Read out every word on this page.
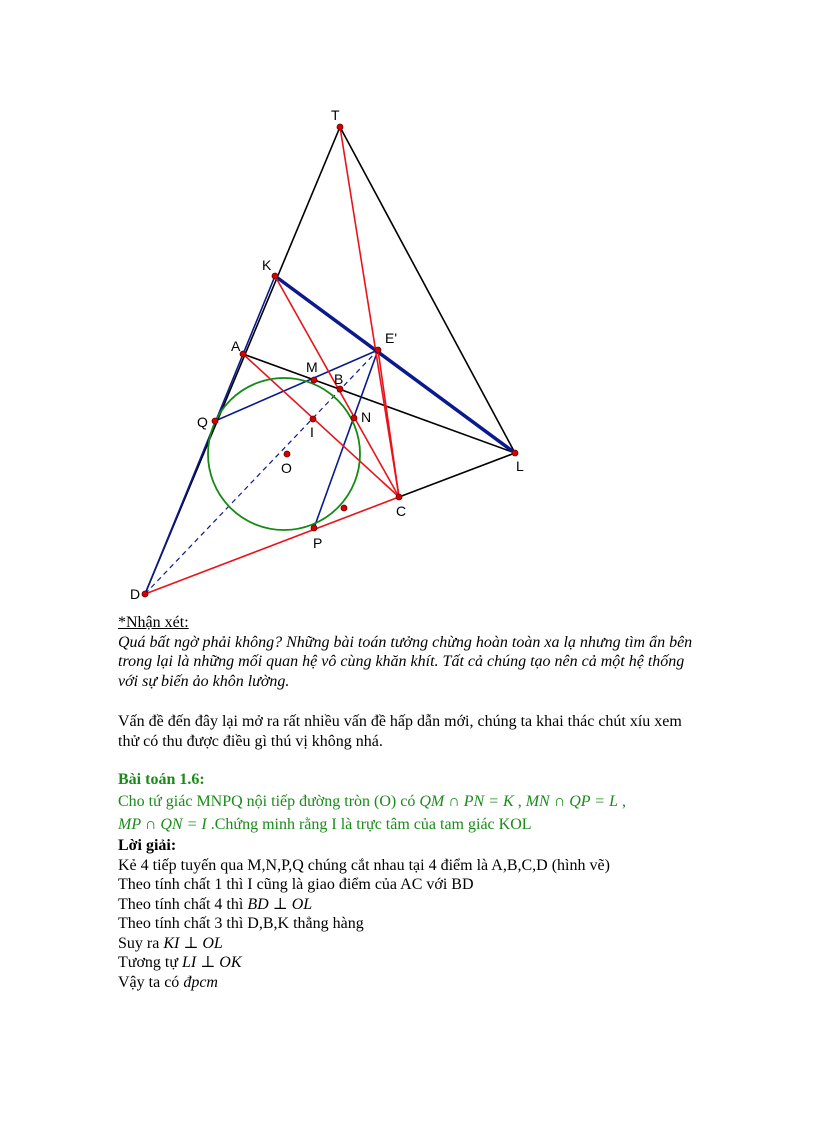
T
K
E'
A
M
B
Q
I
N
O	L
C
P
D
*Nhận xét:
Quá bất ngờ phải không? Những bài toán tưởng chừng hoàn toàn xa lạ nhưng tìm ẩn bên
trong lại là những mối quan hệ vô cùng khăn khít. Tất cả chúng tạo nên cả một hệ thống
với sự biến ảo khôn lường.
Vấn đề đến đây lại mở ra rất nhiều vấn đề hấp dẫn mới, chúng ta khai thác chút xíu xem
thử có thu được điều gì thú vị không nhá.
Bài toán 1.6:
Cho tứ giác MNPQ nội tiếp đường tròn (O) có QM ∩ PN = K , MN ∩ QP = L ,
MP ∩ QN = I .Chứng minh rằng I là trực tâm của tam giác KOL
Lời giải:
Kẻ 4 tiếp tuyến qua M,N,P,Q chúng cắt nhau tại 4 điểm là A,B,C,D (hình vẽ)
Theo tính chất 1 thì I cũng là giao điểm của AC với BD
Theo tính chất 4 thì BD ⊥ OL
Theo tính chất 3 thì D,B,K thẳng hàng
Suy ra KI ⊥ OL
Tương tự LI ⊥ OK
Vậy ta có đpcm
